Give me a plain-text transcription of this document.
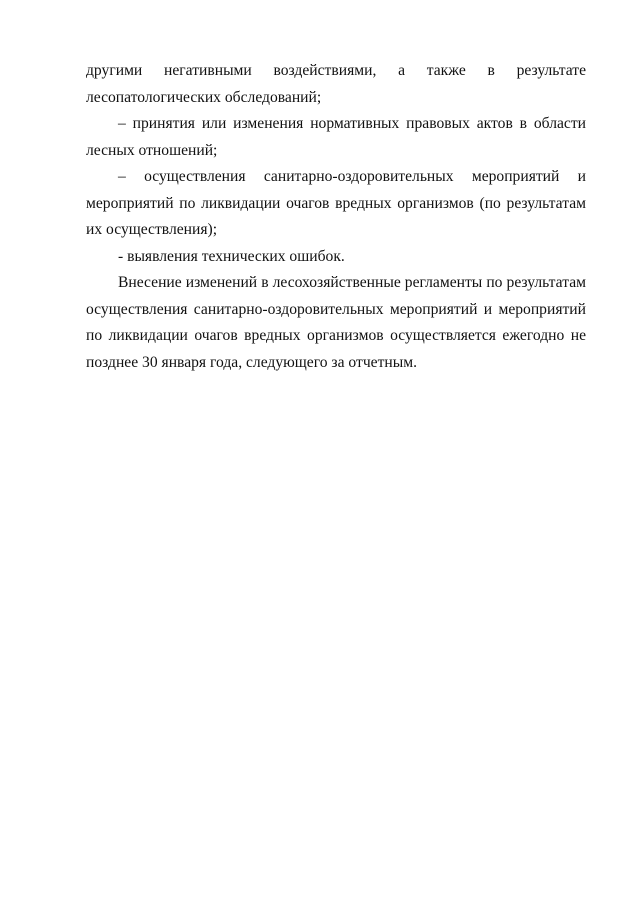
другими негативными воздействиями, а также в результате лесопатологических обследований;

– принятия или изменения нормативных правовых актов в области лесных отношений;

– осуществления санитарно-оздоровительных мероприятий и мероприятий по ликвидации очагов вредных организмов (по результатам их осуществления);

- выявления технических ошибок.

Внесение изменений в лесохозяйственные регламенты по результатам осуществления санитарно-оздоровительных мероприятий и мероприятий по ликвидации очагов вредных организмов осуществляется ежегодно не позднее 30 января года, следующего за отчетным.
